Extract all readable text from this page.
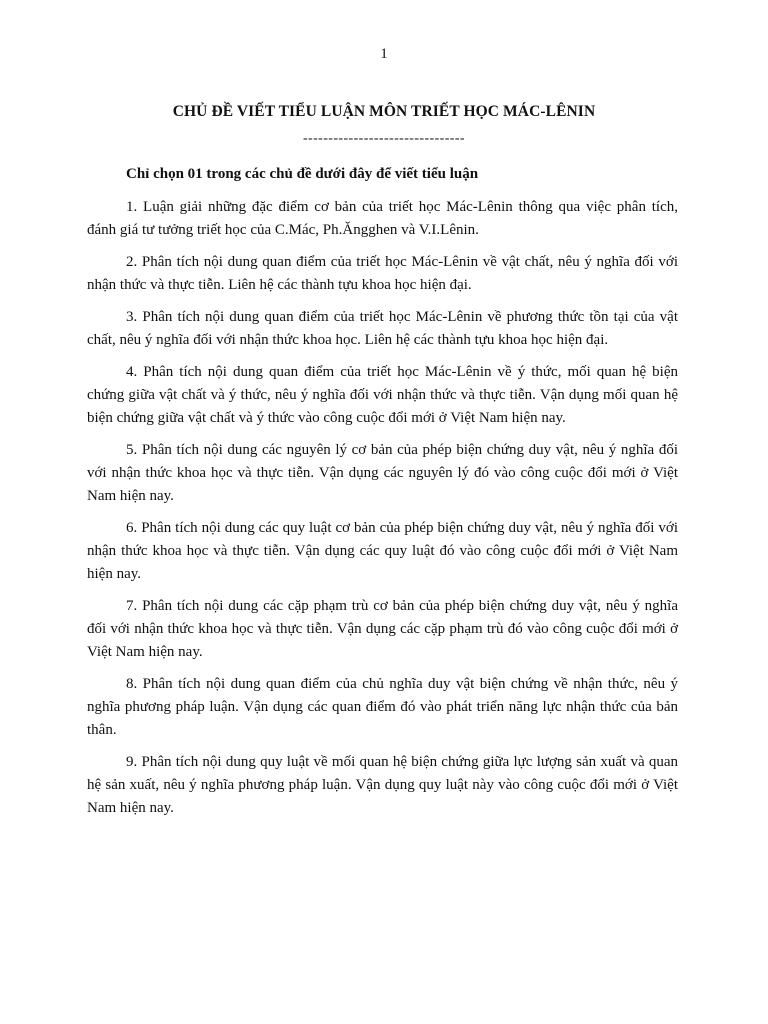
1
CHỦ ĐỀ VIẾT TIỂU LUẬN MÔN TRIẾT HỌC MÁC-LÊNIN
--------------------------------
Chỉ chọn 01 trong các chủ đề dưới đây để viết tiểu luận
1. Luận giải những đặc điểm cơ bản của triết học Mác-Lênin thông qua việc phân tích, đánh giá tư tưởng triết học của C.Mác, Ph.Ăngghen và V.I.Lênin.
2. Phân tích nội dung quan điểm của triết học Mác-Lênin về vật chất, nêu ý nghĩa đối với nhận thức và thực tiễn. Liên hệ các thành tựu khoa học hiện đại.
3. Phân tích nội dung quan điểm của triết học Mác-Lênin về phương thức tồn tại của vật chất, nêu ý nghĩa đối với nhận thức khoa học. Liên hệ các thành tựu khoa học hiện đại.
4. Phân tích nội dung quan điểm của triết học Mác-Lênin về ý thức, mối quan hệ biện chứng giữa vật chất và ý thức, nêu ý nghĩa đối với nhận thức và thực tiễn. Vận dụng mối quan hệ biện chứng giữa vật chất và ý thức vào công cuộc đổi mới ở Việt Nam hiện nay.
5. Phân tích nội dung các nguyên lý cơ bản của phép biện chứng duy vật, nêu ý nghĩa đối với nhận thức khoa học và thực tiễn. Vận dụng các nguyên lý đó vào công cuộc đổi mới ở Việt Nam hiện nay.
6. Phân tích nội dung các quy luật cơ bản của phép biện chứng duy vật, nêu ý nghĩa đối với nhận thức khoa học và thực tiễn. Vận dụng các quy luật đó vào công cuộc đổi mới ở Việt Nam hiện nay.
7. Phân tích nội dung các cặp phạm trù cơ bản của phép biện chứng duy vật, nêu ý nghĩa đối với nhận thức khoa học và thực tiễn. Vận dụng các cặp phạm trù đó vào công cuộc đổi mới ở Việt Nam hiện nay.
8. Phân tích nội dung quan điểm của chủ nghĩa duy vật biện chứng về nhận thức, nêu ý nghĩa phương pháp luận. Vận dụng các quan điểm đó vào phát triển năng lực nhận thức của bản thân.
9. Phân tích nội dung quy luật về mối quan hệ biện chứng giữa lực lượng sản xuất và quan hệ sản xuất, nêu ý nghĩa phương pháp luận. Vận dụng quy luật này vào công cuộc đổi mới ở Việt Nam hiện nay.
